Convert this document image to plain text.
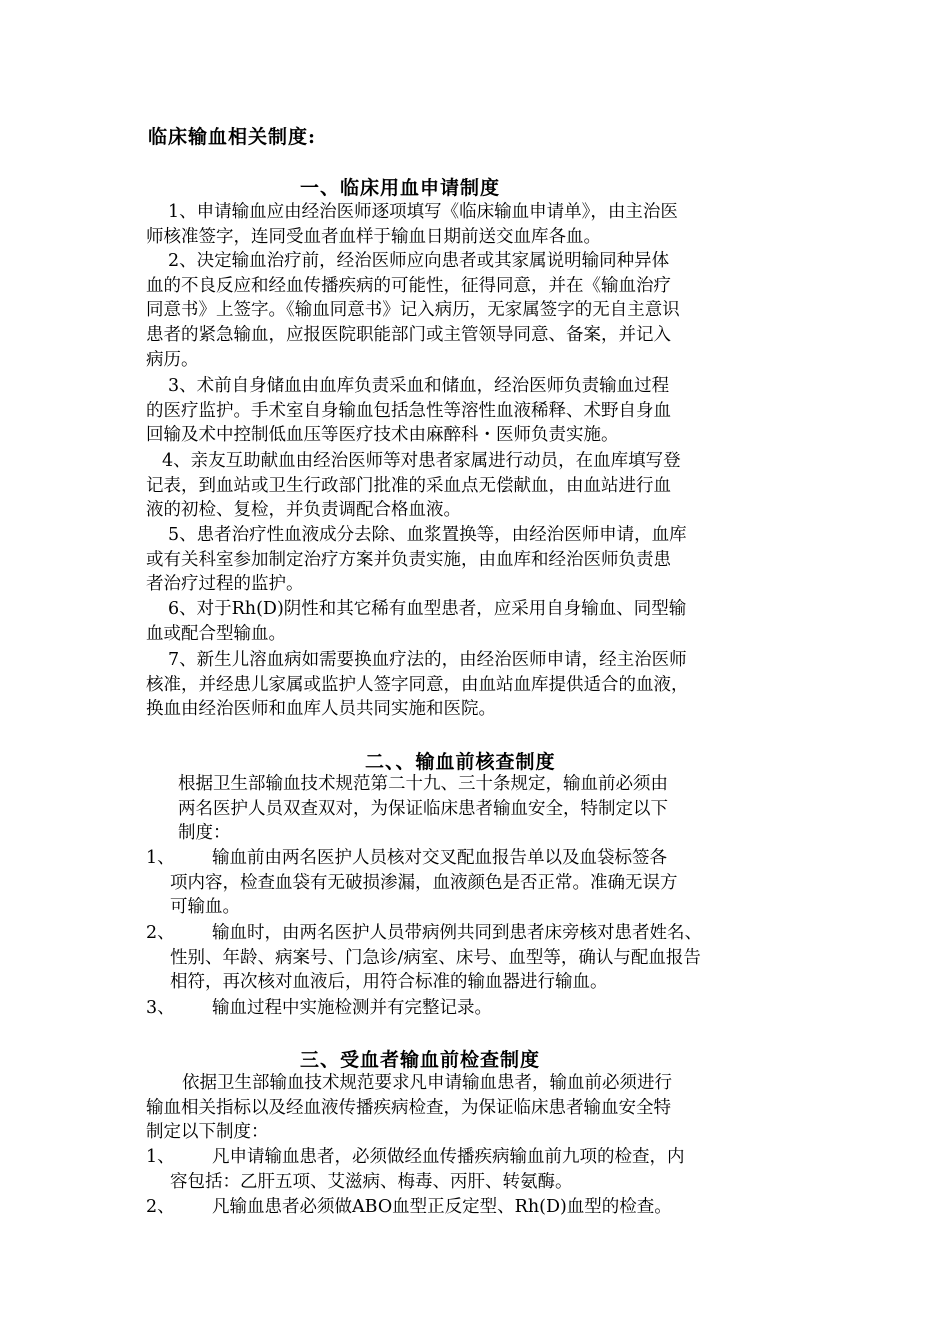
临床输血相关制度:
一、临床用血申请制度
1、申请输血应由经治医师逐项填写《临床输血申请单》，由主治医
师核准签字，连同受血者血样于输血日期前送交血库各血。
2、决定输血治疗前，经治医师应向患者或其家属说明输同种异体
血的不良反应和经血传播疾病的可能性，征得同意，并在《输血治疗
同意书》上签字。《输血同意书》记入病历，无家属签字的无自主意识
患者的紧急输血，应报医院职能部门或主管领导同意、备案，并记入
病历。
3、术前自身储血由血库负责采血和储血，经治医师负责输血过程
的医疗监护。手术室自身输血包括急性等溶性血液稀释、术野自身血
回输及术中控制低血压等医疗技术由麻醉科・医师负责实施。
4、亲友互助献血由经治医师等对患者家属进行动员，在血库填写登
记表，到血站或卫生行政部门批准的采血点无偿献血，由血站进行血
液的初检、复检，并负责调配合格血液。
5、患者治疗性血液成分去除、血浆置换等，由经治医师申请，血库
或有关科室参加制定治疗方案并负责实施，由血库和经治医师负责患
者治疗过程的监护。
6、对于Rh(D)阴性和其它稀有血型患者，应采用自身输血、同型输
血或配合型输血。
7、新生儿溶血病如需要换血疗法的，由经治医师申请，经主治医师
核准，并经患儿家属或监护人签字同意，由血站血库提供适合的血液，
换血由经治医师和血库人员共同实施和医院。
二、、输血前核查制度
根据卫生部输血技术规范第二十九、三十条规定，输血前必须由
两名医护人员双查双对，为保证临床患者输血安全，特制定以下
制度：
1、 输血前由两名医护人员核对交叉配血报告单以及血袋标签各
项内容，检查血袋有无破损渗漏，血液颜色是否正常。准确无误方
可输血。
2、 输血时，由两名医护人员带病例共同到患者床旁核对患者姓名、
性别、年龄、病案号、门急诊/病室、床号、血型等，确认与配血报告
相符，再次核对血液后，用符合标准的输血器进行输血。
3、 输血过程中实施检测并有完整记录。
三、受血者输血前检查制度
依据卫生部输血技术规范要求凡申请输血患者，输血前必须进行
输血相关指标以及经血液传播疾病检查，为保证临床患者输血安全特
制定以下制度：
1、 凡申请输血患者，必须做经血传播疾病输血前九项的检查，内
容包括：乙肝五项、艾滋病、梅毒、丙肝、转氨酶。
2、 凡输血患者必须做ABO血型正反定型、Rh(D)血型的检查。
